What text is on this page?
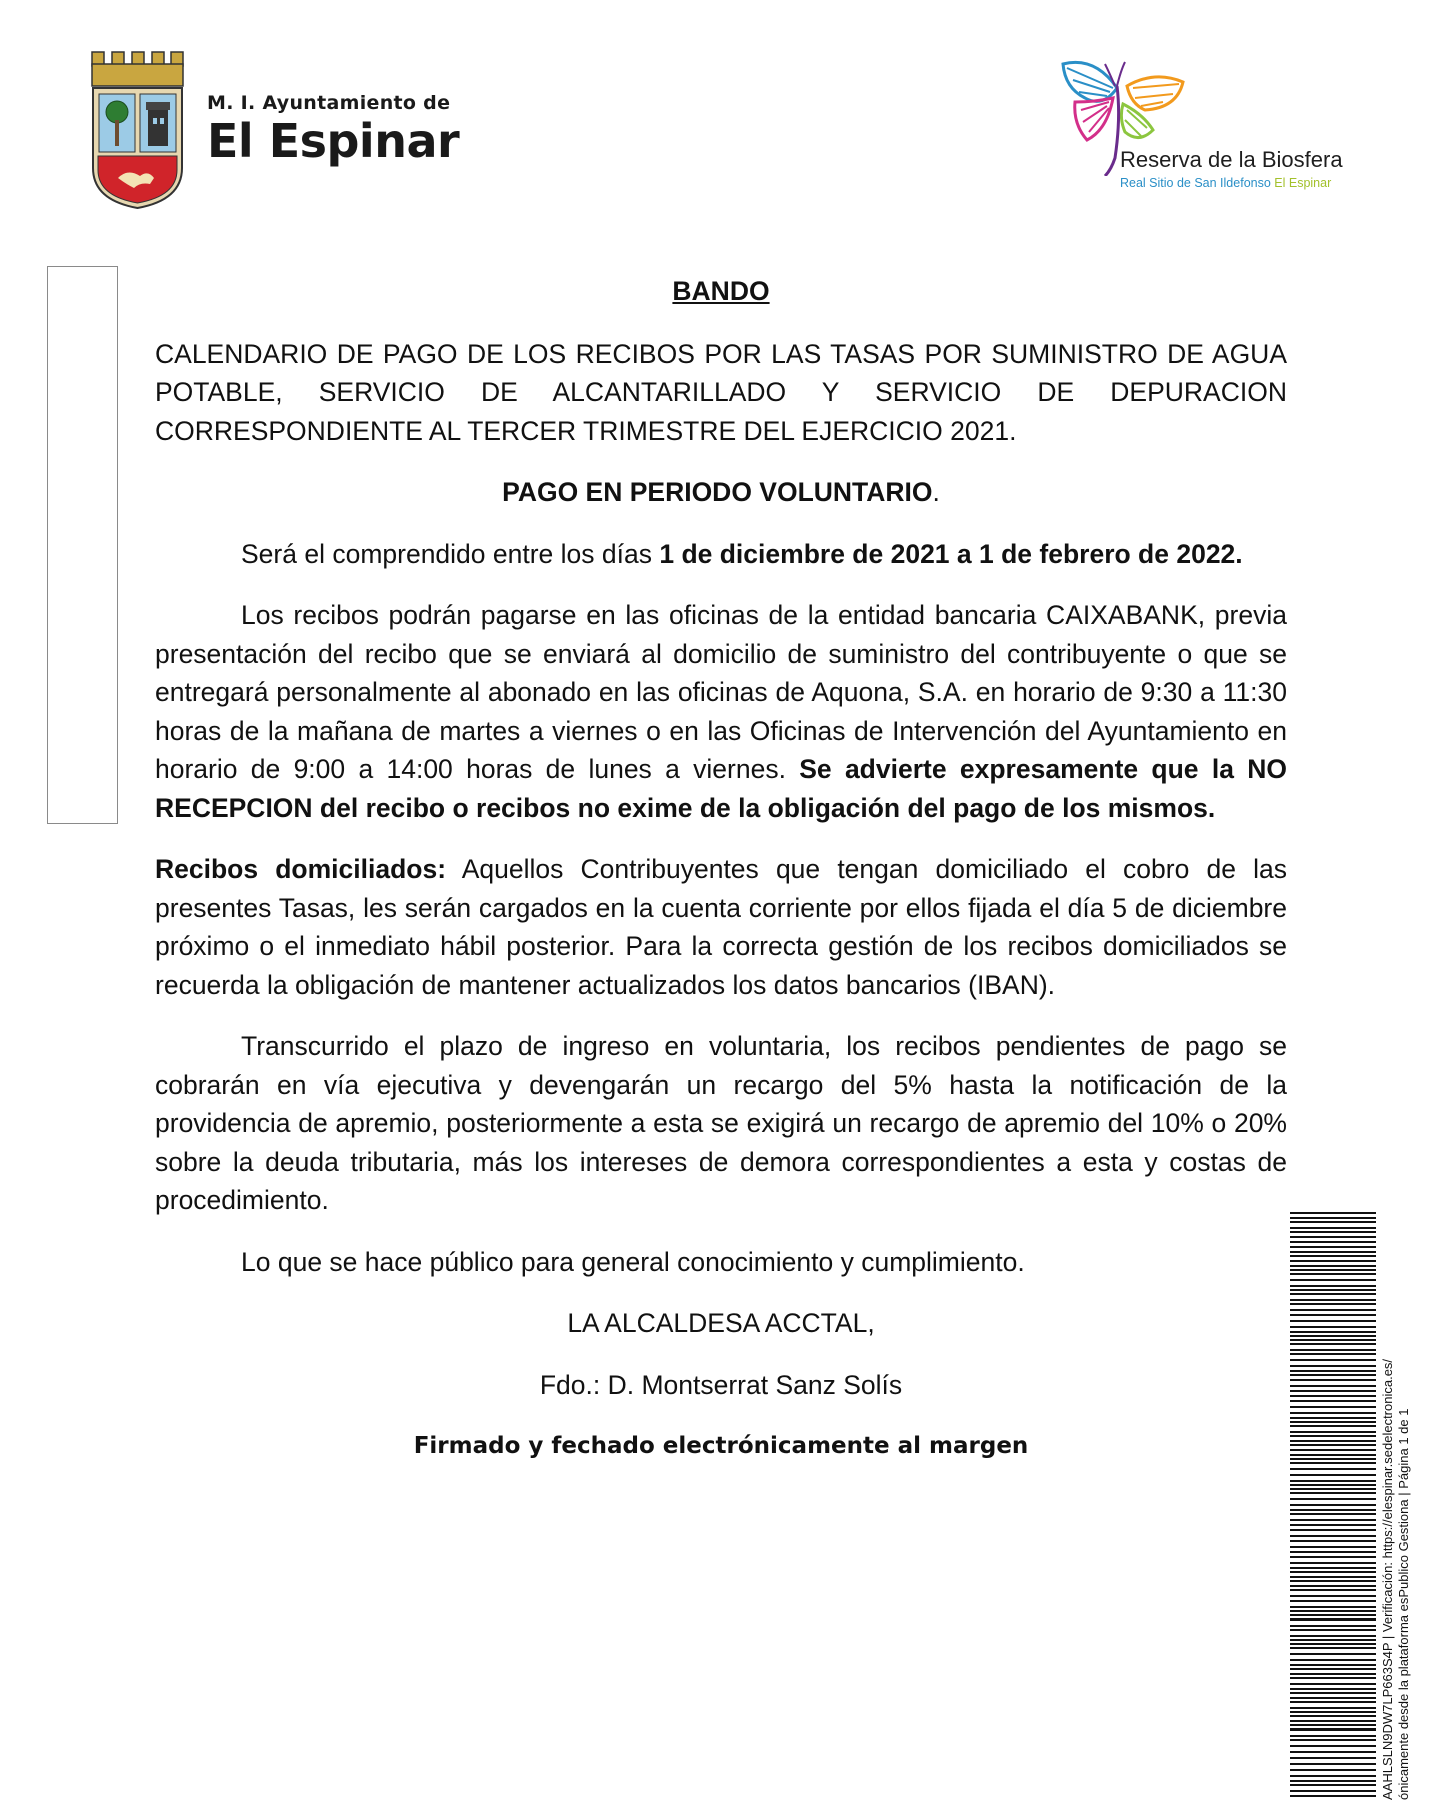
M. I. Ayuntamiento de
El Espinar	Reserva de la Biosfera
Real Sitio de San Ildefonso El Espinar

BANDO

CALENDARIO DE PAGO DE LOS RECIBOS POR LAS TASAS POR SUMINISTRO DE AGUA POTABLE, SERVICIO DE ALCANTARILLADO Y SERVICIO DE DEPURACION CORRESPONDIENTE AL TERCER TRIMESTRE DEL EJERCICIO 2021.

PAGO EN PERIODO VOLUNTARIO.

Será el comprendido entre los días 1 de diciembre de 2021 a 1 de febrero de 2022.

Los recibos podrán pagarse en las oficinas de la entidad bancaria CAIXABANK, previa presentación del recibo que se enviará al domicilio de suministro del contribuyente o que se entregará personalmente al abonado en las oficinas de Aquona, S.A. en horario de 9:30 a 11:30 horas de la mañana de martes a viernes o en las Oficinas de Intervención del Ayuntamiento en horario de 9:00 a 14:00 horas de lunes a viernes. Se advierte expresamente que la NO RECEPCION del recibo o recibos no exime de la obligación del pago de los mismos.

Recibos domiciliados: Aquellos Contribuyentes que tengan domiciliado el cobro de las presentes Tasas, les serán cargados en la cuenta corriente por ellos fijada el día 5 de diciembre próximo o el inmediato hábil posterior. Para la correcta gestión de los recibos domiciliados se recuerda la obligación de mantener actualizados los datos bancarios (IBAN).

Transcurrido el plazo de ingreso en voluntaria, los recibos pendientes de pago se cobrarán en vía ejecutiva y devengarán un recargo del 5% hasta la notificación de la providencia de apremio, posteriormente a esta se exigirá un recargo de apremio del 10% o 20% sobre la deuda tributaria, más los intereses de demora correspondientes a esta y costas de procedimiento.

Lo que se hace público para general conocimiento y cumplimiento.

LA ALCALDESA ACCTAL,

Fdo.: D. Montserrat Sanz Solís

Firmado y fechado electrónicamente al margen	AAHLSLN9DW7LP663S4P | Verificación: https://elespinar.sedelectronica.es/ ónicamente desde la plataforma esPublico Gestiona | Página 1 de 1
